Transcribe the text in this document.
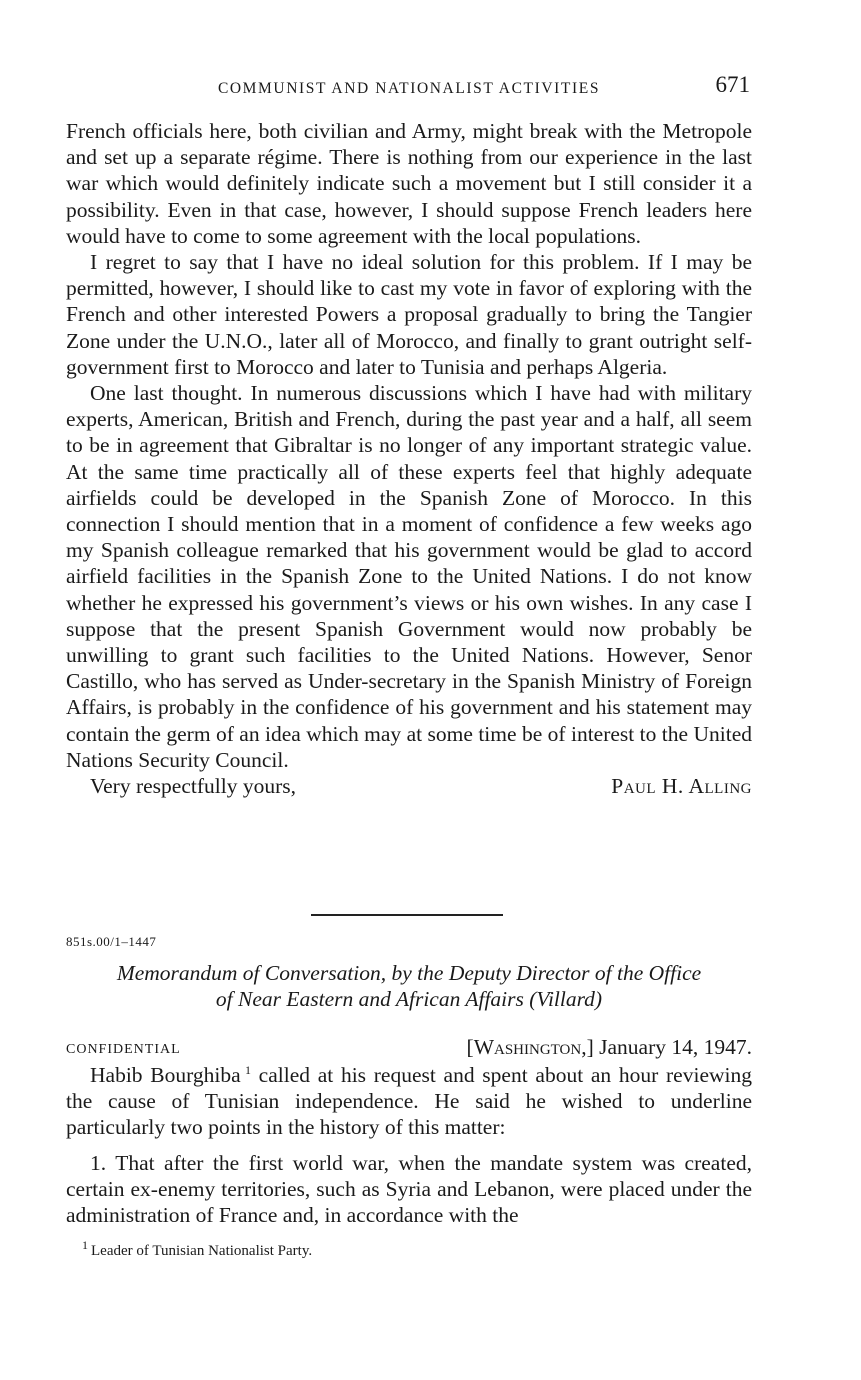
COMMUNIST AND NATIONALIST ACTIVITIES	671

French officials here, both civilian and Army, might break with the Metropole and set up a separate régime. There is nothing from our experience in the last war which would definitely indicate such a movement but I still consider it a possibility. Even in that case, however, I should suppose French leaders here would have to come to some agreement with the local populations.

I regret to say that I have no ideal solution for this problem. If I may be permitted, however, I should like to cast my vote in favor of exploring with the French and other interested Powers a proposal gradually to bring the Tangier Zone under the U.N.O., later all of Morocco, and finally to grant outright self-government first to Morocco and later to Tunisia and perhaps Algeria.

One last thought. In numerous discussions which I have had with military experts, American, British and French, during the past year and a half, all seem to be in agreement that Gibraltar is no longer of any important strategic value. At the same time practically all of these experts feel that highly adequate airfields could be developed in the Spanish Zone of Morocco. In this connection I should mention that in a moment of confidence a few weeks ago my Spanish colleague remarked that his government would be glad to accord airfield facilities in the Spanish Zone to the United Nations. I do not know whether he expressed his government’s views or his own wishes. In any case I suppose that the present Spanish Government would now probably be unwilling to grant such facilities to the United Nations. However, Senor Castillo, who has served as Under-secretary in the Spanish Ministry of Foreign Affairs, is probably in the confidence of his government and his statement may contain the germ of an idea which may at some time be of interest to the United Nations Security Council.

Very respectfully yours,	Paul H. Alling
851s.00/1–1447
Memorandum of Conversation, by the Deputy Director of the Office
of Near Eastern and African Affairs (Villard)
CONFIDENTIAL	[Washington,] January 14, 1947.

Habib Bourghiba  $^1$ called at his request and spent about an hour reviewing the cause of Tunisian independence. He said he wished to underline particularly two points in the history of this matter:

1. That after the first world war, when the mandate system was created, certain ex-enemy territories, such as Syria and Lebanon, were placed under the administration of France and, in accordance with the

$^1$  Leader of Tunisian Nationalist Party.
